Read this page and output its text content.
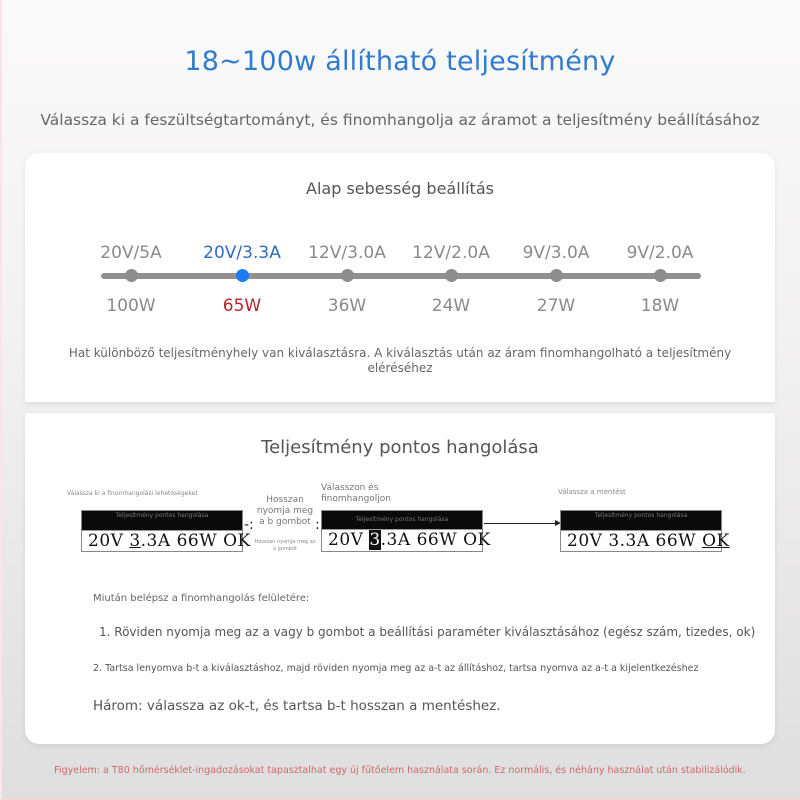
18~100w állítható teljesítmény
Válassza ki a feszültségtartományt, és finomhangolja az áramot a teljesítmény beállításához
Alap sebesség beállítás
20V/5A
100W
20V/3.3A
65W
12V/3.0A
36W
12V/2.0A
24W
9V/3.0A
27W
9V/2.0A
18W
Hat különböző teljesítményhely van kiválasztásra. A kiválasztás után az áram finomhangolható a teljesítmény eléréséhez
Teljesítmény pontos hangolása
Válassza ki a finomhangolási lehetőségeket
Teljesítmény pontos hangolása
20V 3.3A 66W OK
-:
Hosszan nyomja meg a b gombot
Hosszan nyomja meg az a gombot
:
Válasszon és finomhangoljon
Teljesítmény pontos hangolása
20V 3.3A 66W OK
Válassza a mentést
Teljesítmény pontos hangolása
20V 3.3A 66W OK
Miután belépsz a finomhangolás felületére:
1. Röviden nyomja meg az a vagy b gombot a beállítási paraméter kiválasztásához (egész szám, tizedes, ok)
2. Tartsa lenyomva b-t a kiválasztáshoz, majd röviden nyomja meg az a-t az állításhoz, tartsa nyomva az a-t a kijelentkezéshez
Három: válassza az ok-t, és tartsa b-t hosszan a mentéshez.
Figyelem: a T80 hőmérséklet-ingadozásokat tapasztalhat egy új fűtőelem használata során. Ez normális, és néhány használat után stabilizálódik.
